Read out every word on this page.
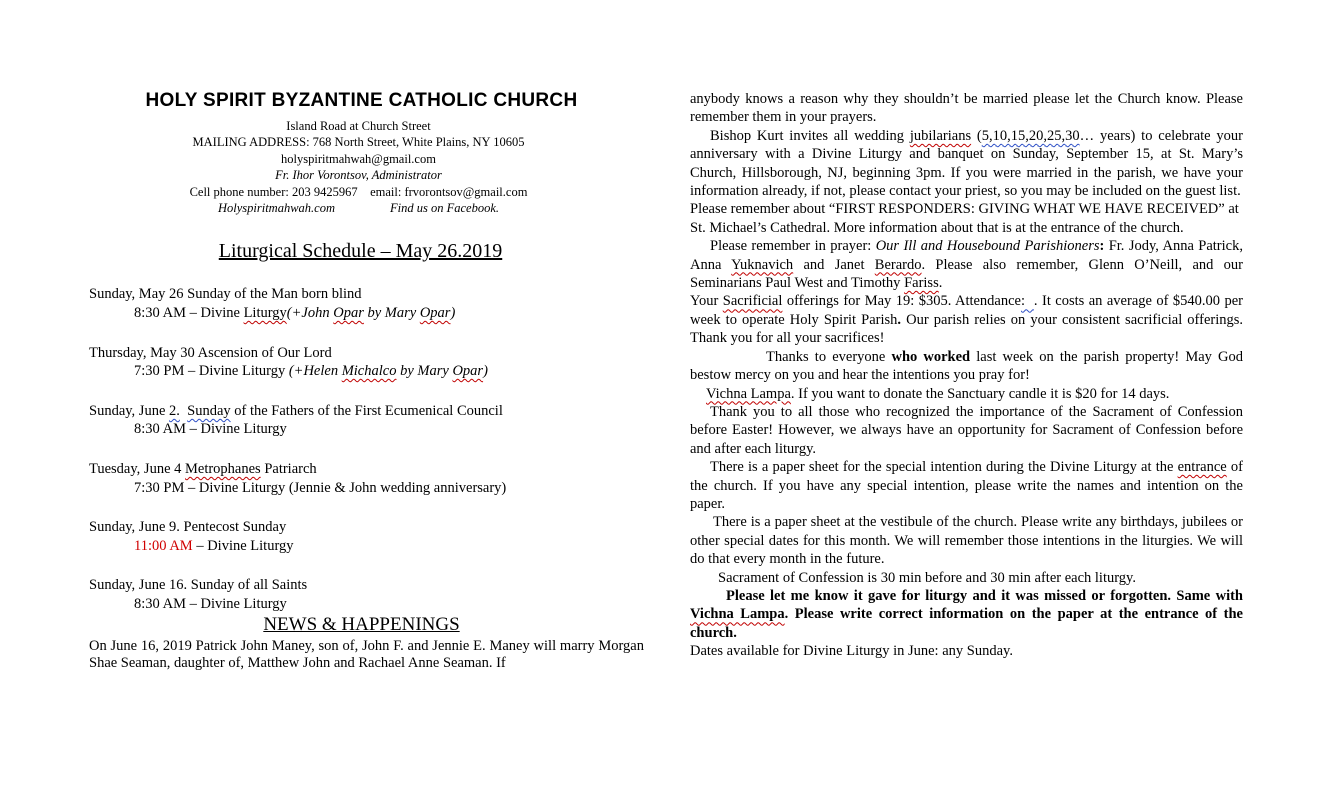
HOLY SPIRIT BYZANTINE CATHOLIC CHURCH
Island Road at Church Street
MAILING ADDRESS: 768 North Street, White Plains, NY 10605
holyspiritmahwah@gmail.com
Fr. Ihor Vorontsov, Administrator
Cell phone number: 203 9425967 email: frvorontsov@gmail.com
Holyspiritmahwah.com	Find us on Facebook.
Liturgical Schedule – May 26.2019
Sunday, May 26 Sunday of the Man born blind
8:30 AM – Divine Liturgy(+John Opar by Mary Opar)
Thursday, May 30 Ascension of Our Lord
7:30 PM – Divine Liturgy (+Helen Michalco by Mary Opar)
Sunday, June 2. Sunday of the Fathers of the First Ecumenical Council
8:30 AM – Divine Liturgy
Tuesday, June 4 Metrophanes Patriarch
7:30 PM – Divine Liturgy (Jennie & John wedding anniversary)
Sunday, June 9. Pentecost Sunday
11:00 AM – Divine Liturgy
Sunday, June 16. Sunday of all Saints
8:30 AM – Divine Liturgy
NEWS & HAPPENINGS
On June 16, 2019 Patrick John Maney, son of, John F. and Jennie E. Maney will marry Morgan Shae Seaman, daughter of, Matthew John and Rachael Anne Seaman. If

anybody knows a reason why they shouldn’t be married please let the Church know. Please remember them in your prayers.

Bishop Kurt invites all wedding jubilarians (5,10,15,20,25,30… years) to celebrate your anniversary with a Divine Liturgy and banquet on Sunday, September 15, at St. Mary’s Church, Hillsborough, NJ, beginning 3pm. If you were married in the parish, we have your information already, if not, please contact your priest, so you may be included on the guest list.

Please remember about “FIRST RESPONDERS: GIVING WHAT WE HAVE RECEIVED” at St. Michael’s Cathedral. More information about that is at the entrance of the church.

Please remember in prayer: Our Ill and Housebound Parishioners: Fr. Jody, Anna Patrick, Anna Yuknavich and Janet Berardo. Please also remember, Glenn O’Neill, and our Seminarians Paul West and Timothy Fariss.

Your Sacrificial offerings for May 19: $305. Attendance:  . It costs an average of $540.00 per week to operate Holy Spirit Parish. Our parish relies on your consistent sacrificial offerings. Thank you for all your sacrifices!

Thanks to everyone who worked last week on the parish property! May God bestow mercy on you and hear the intentions you pray for!

Vichna Lampa. If you want to donate the Sanctuary candle it is $20 for 14 days.

Thank you to all those who recognized the importance of the Sacrament of Confession before Easter! However, we always have an opportunity for Sacrament of Confession before and after each liturgy.

There is a paper sheet for the special intention during the Divine Liturgy at the entrance of the church. If you have any special intention, please write the names and intention on the paper.

There is a paper sheet at the vestibule of the church. Please write any birthdays, jubilees or other special dates for this month. We will remember those intentions in the liturgies. We will do that every month in the future.

Sacrament of Confession is 30 min before and 30 min after each liturgy.

Please let me know it gave for liturgy and it was missed or forgotten. Same with Vichna Lampa. Please write correct information on the paper at the entrance of the church.

Dates available for Divine Liturgy in June: any Sunday.
